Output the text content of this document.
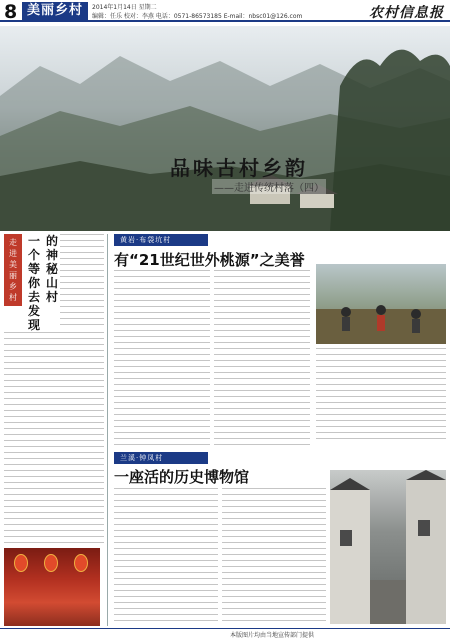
8 美丽乡村	2014年1月14日 星期二
编辑：任乐 校对：李燕 电话：0571-86573185 E-mail：nbsc01@126.com	农村信息报
品味古村乡韵
——走进传统村落（四）
走进美丽乡村
一个等你去发现
的神秘山村
黄岩·布袋坑村
有“21世纪世外桃源”之美誉
兰溪·钟凤村
一座活的历史博物馆
本版图片均由当地宣传部门提供
